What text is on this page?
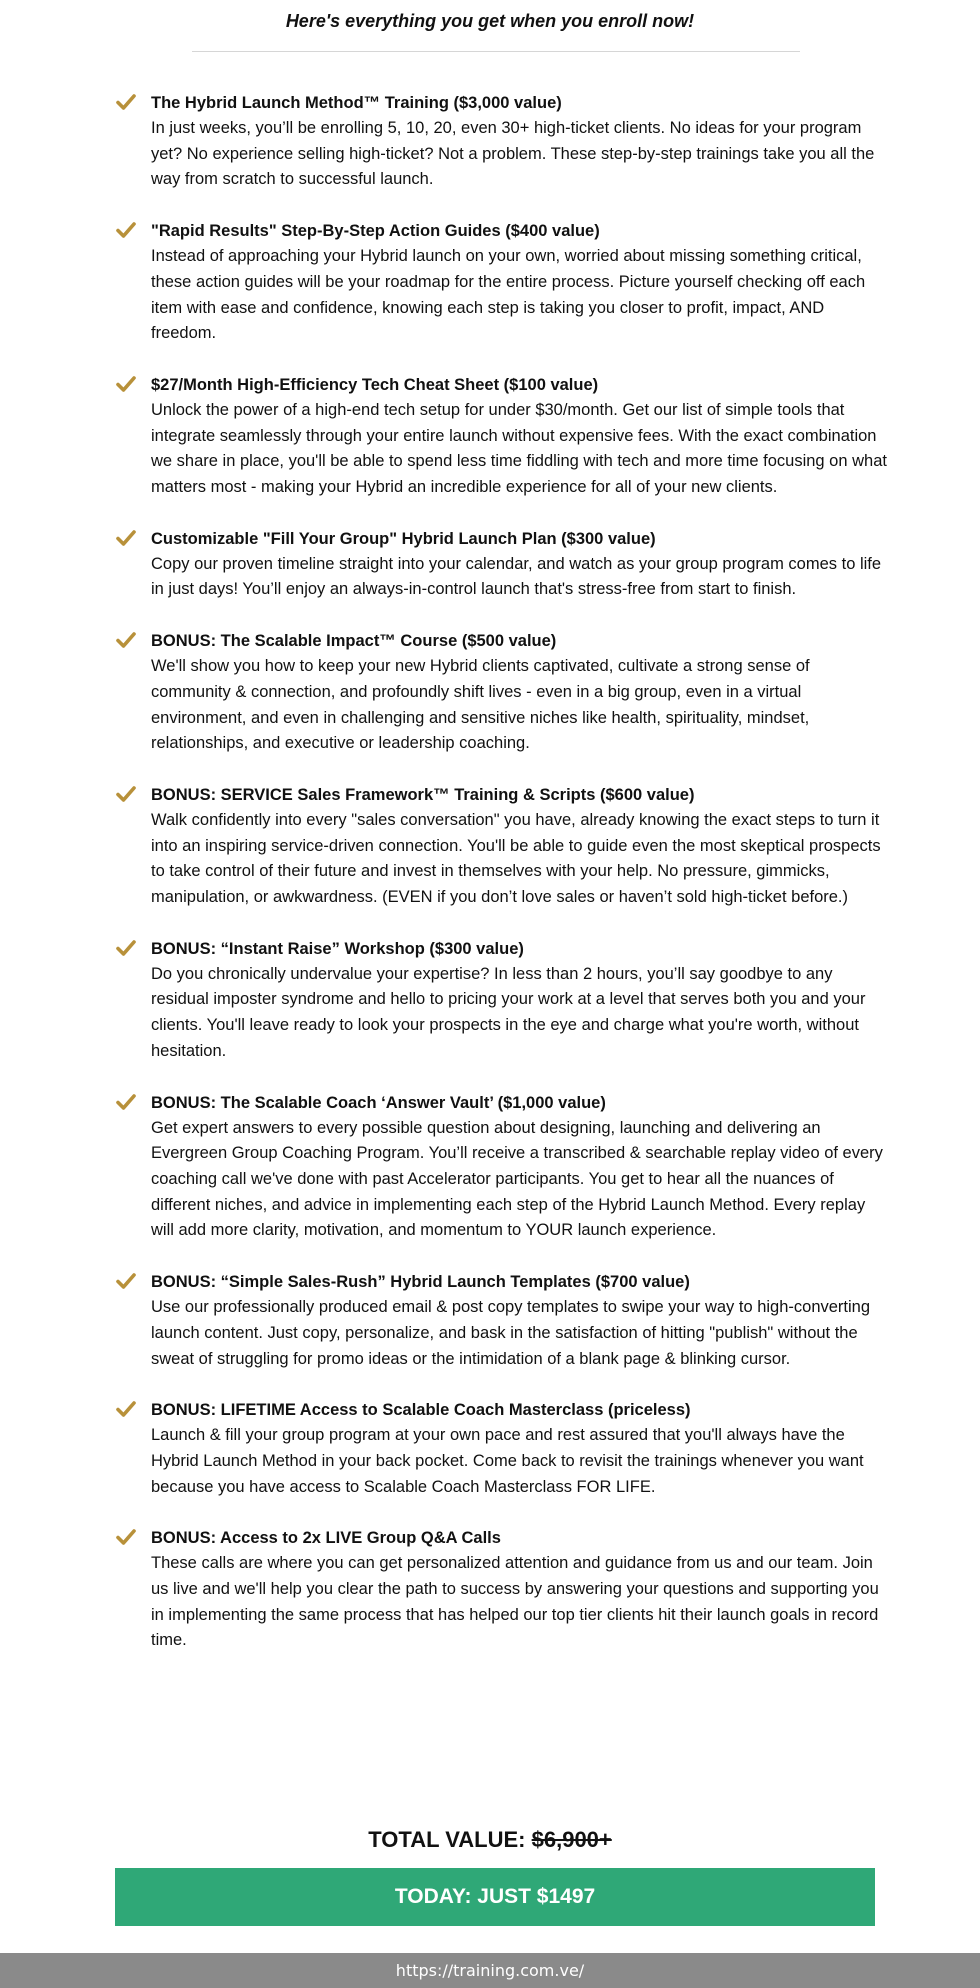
Here's everything you get when you enroll now!
The Hybrid Launch Method™ Training ($3,000 value)
In just weeks, you’ll be enrolling 5, 10, 20, even 30+ high-ticket clients. No ideas for your program yet? No experience selling high-ticket? Not a problem. These step-by-step trainings take you all the way from scratch to successful launch.
"Rapid Results" Step-By-Step Action Guides ($400 value)
Instead of approaching your Hybrid launch on your own, worried about missing something critical, these action guides will be your roadmap for the entire process. Picture yourself checking off each item with ease and confidence, knowing each step is taking you closer to profit, impact, AND freedom.
$27/Month High-Efficiency Tech Cheat Sheet ($100 value)
Unlock the power of a high-end tech setup for under $30/month. Get our list of simple tools that integrate seamlessly through your entire launch without expensive fees. With the exact combination we share in place, you'll be able to spend less time fiddling with tech and more time focusing on what matters most - making your Hybrid an incredible experience for all of your new clients.
Customizable "Fill Your Group" Hybrid Launch Plan ($300 value)
Copy our proven timeline straight into your calendar, and watch as your group program comes to life in just days! You’ll enjoy an always-in-control launch that's stress-free from start to finish.
BONUS: The Scalable Impact™ Course ($500 value)
We'll show you how to keep your new Hybrid clients captivated, cultivate a strong sense of community & connection, and profoundly shift lives - even in a big group, even in a virtual environment, and even in challenging and sensitive niches like health, spirituality, mindset, relationships, and executive or leadership coaching.
BONUS: SERVICE Sales Framework™ Training & Scripts ($600 value)
Walk confidently into every "sales conversation" you have, already knowing the exact steps to turn it into an inspiring service-driven connection. You'll be able to guide even the most skeptical prospects to take control of their future and invest in themselves with your help. No pressure, gimmicks, manipulation, or awkwardness. (EVEN if you don’t love sales or haven’t sold high-ticket before.)
BONUS: “Instant Raise” Workshop ($300 value)
Do you chronically undervalue your expertise? In less than 2 hours, you’ll say goodbye to any residual imposter syndrome and hello to pricing your work at a level that serves both you and your clients. You'll leave ready to look your prospects in the eye and charge what you're worth, without hesitation.
BONUS: The Scalable Coach ‘Answer Vault’ ($1,000 value)
Get expert answers to every possible question about designing, launching and delivering an Evergreen Group Coaching Program. You’ll receive a transcribed & searchable replay video of every coaching call we've done with past Accelerator participants. You get to hear all the nuances of different niches, and advice in implementing each step of the Hybrid Launch Method. Every replay will add more clarity, motivation, and momentum to YOUR launch experience.
BONUS: “Simple Sales-Rush” Hybrid Launch Templates ($700 value)
Use our professionally produced email & post copy templates to swipe your way to high-converting launch content. Just copy, personalize, and bask in the satisfaction of hitting "publish" without the sweat of struggling for promo ideas or the intimidation of a blank page & blinking cursor.
BONUS: LIFETIME Access to Scalable Coach Masterclass (priceless)
Launch & fill your group program at your own pace and rest assured that you'll always have the Hybrid Launch Method in your back pocket. Come back to revisit the trainings whenever you want because you have access to Scalable Coach Masterclass FOR LIFE.
BONUS: Access to 2x LIVE Group Q&A Calls
These calls are where you can get personalized attention and guidance from us and our team. Join us live and we'll help you clear the path to success by answering your questions and supporting you in implementing the same process that has helped our top tier clients hit their launch goals in record time.
TOTAL VALUE: $6,900+
TODAY: JUST $1497
https://training.com.ve/
